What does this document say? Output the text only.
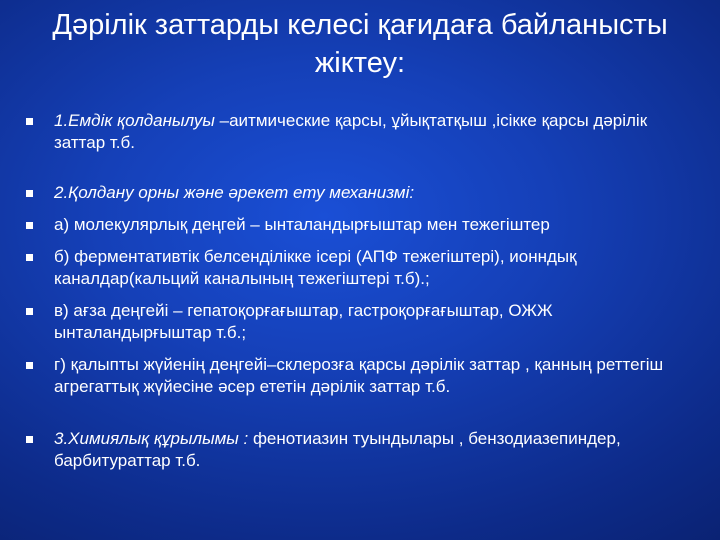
Дәрілік заттарды келесі қағидаға байланысты жіктеу:
1.Емдік қолданылуы –аитмические қарсы, ұйықтатқыш ,ісікке қарсы дәрілік заттар т.б.
2.Қолдану орны және әрекет ету механизмі:
а) молекулярлық деңгей – ынталандырғыштар мен тежегіштер
б) ферментативтік белсенділікке ісері (АПФ тежегіштері), ионндық каналдар(кальций каналының тежегіштері т.б).;
в) ағза деңгейі – гепатоқорғағыштар, гастроқорғағыштар, ОЖЖ ынталандырғыштар т.б.;
г) қалыпты жүйенің деңгейі–склерозға қарсы дәрілік заттар , қанның реттегіш агрегаттық жүйесіне әсер ететін дәрілік заттар т.б.
3.Химиялық құрылымы : фенотиазин туындылары , бензодиазепиндер, барбитураттар т.б.
